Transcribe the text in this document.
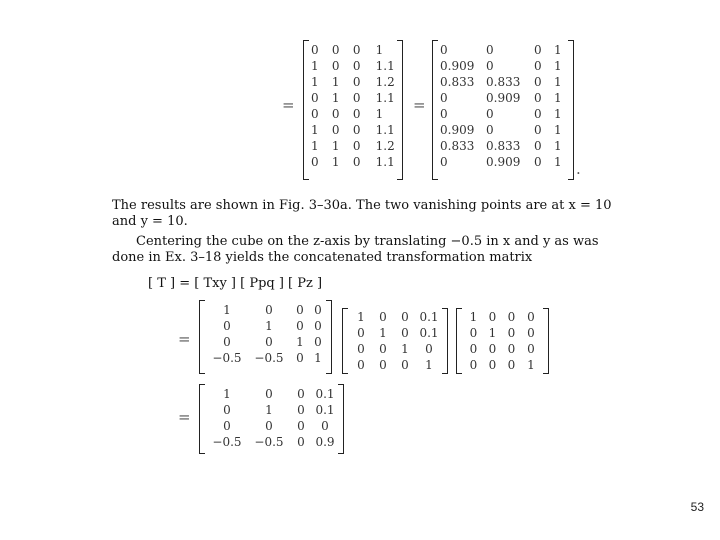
=
0	0	0	1
1	0	0	1.1
1	1	0	1.2
0	1	0	1.1
0	0	0	1
1	0	0	1.1
1	1	0	1.2
0	1	0	1.1
=
0	0	0	1
0.909	0	0	1
0.833	0.833	0	1
0	0.909	0	1
0	0	0	1
0.909	0	0	1
0.833	0.833	0	1
0	0.909	0	1 .
The results are shown in Fig. 3–30a. The two vanishing points are at x = 10
and y = 10.
Centering the cube on the z-axis by translating −0.5 in x and y as was
done in Ex. 3–18 yields the concatenated transformation matrix
[ T ] = [ Txy ] [ Ppq ] [ Pz ]
=
1	0	0	0
0	1	0	0
0	0	1	0
−0.5	−0.5	0	1
1	0	0	0.1
0	1	0	0.1
0	0	1	0
0	0	0	1
1	0	0	0
0	1	0	0
0	0	0	0
0	0	0	1
=
1	0	0	0.1
0	1	0	0.1
0	0	0	0
−0.5	−0.5	0	0.9
53
